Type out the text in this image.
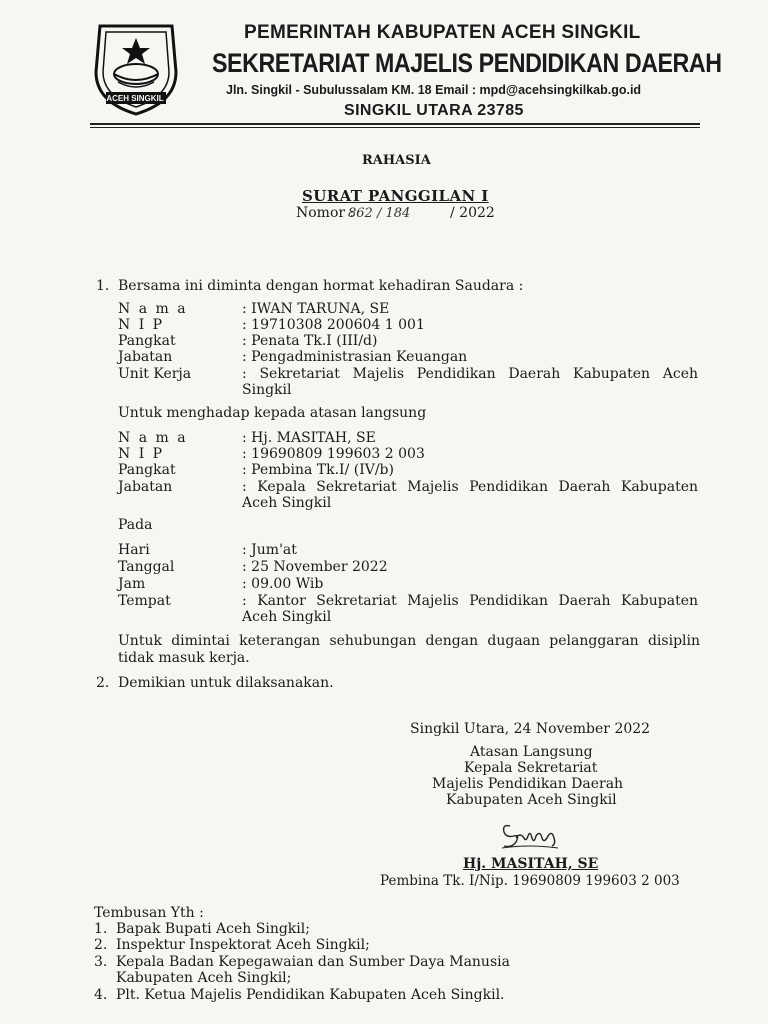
ACEH SINGKIL
PEMERINTAH KABUPATEN ACEH SINGKIL
SEKRETARIAT MAJELIS PENDIDIKAN DAERAH
Jln. Singkil - Subulussalam KM. 18 Email : mpd@acehsingkilkab.go.id
SINGKIL UTARA 23785
RAHASIA
SURAT PANGGILAN I
Nomor :
862 / 184	/ 2022
1. Bersama ini diminta dengan hormat kehadiran Saudara :
N a m a	: IWAN TARUNA, SE
N I P	: 19710308 200604 1 001
Pangkat	: Penata Tk.I (III/d)
Jabatan	: Pengadministrasian Keuangan
Unit Kerja	: Sekretariat Majelis Pendidikan Daerah Kabupaten Aceh Singkil
Untuk menghadap kepada atasan langsung
N a m a	: Hj. MASITAH, SE
N I P	: 19690809 199603 2 003
Pangkat	: Pembina Tk.I/ (IV/b)
Jabatan	: Kepala Sekretariat Majelis Pendidikan Daerah Kabupaten Aceh Singkil
Pada
Hari	: Jum'at
Tanggal	: 25 November 2022
Jam	: 09.00 Wib
Tempat	: Kantor Sekretariat Majelis Pendidikan Daerah Kabupaten Aceh Singkil
Untuk dimintai keterangan sehubungan dengan dugaan pelanggaran disiplin tidak masuk kerja.
2. Demikian untuk dilaksanakan.
Singkil Utara, 24 November 2022
Atasan Langsung
Kepala Sekretariat
Majelis Pendidikan Daerah
Kabupaten Aceh Singkil
Hj. MASITAH, SE
Pembina Tk. I/Nip. 19690809 199603 2 003
Tembusan Yth :
1. Bapak Bupati Aceh Singkil;
2. Inspektur Inspektorat Aceh Singkil;
3. Kepala Badan Kepegawaian dan Sumber Daya Manusia Kabupaten Aceh Singkil;
4. Plt. Ketua Majelis Pendidikan Kabupaten Aceh Singkil.
